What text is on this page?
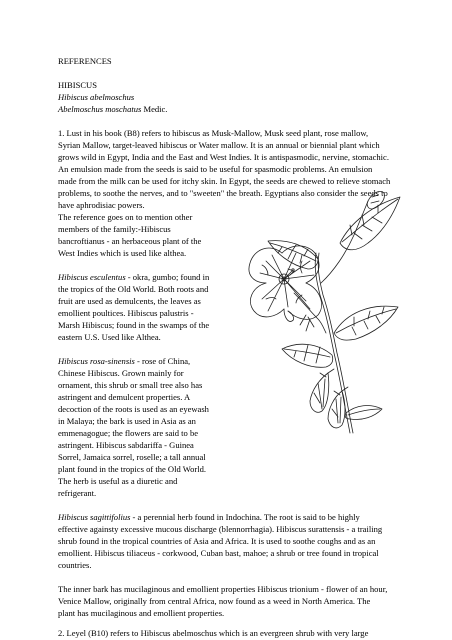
REFERENCES

HIBISCUS

Hibiscus abelmoschus

Abelmoschus moschatus Medic.

1. Lust in his book (B8) refers to hibiscus as Musk-Mallow, Musk seed plant, rose mallow,

Syrian Mallow, target-leaved hibiscus or Water mallow. It is an annual or biennial plant which

grows wild in Egypt, India and the East and West Indies. It is antispasmodic, nervine, stomachic.

An emulsion made from the seeds is said to be useful for spasmodic problems. An emulsion

made from the milk can be used for itchy skin. In Egypt, the seeds are chewed to relieve stomach

problems, to soothe the nerves, and to "sweeten" the breath. Egyptians also consider the seeds to

have aphrodisiac powers.

The reference goes on to mention other

members of the family:-Hibiscus

bancroftianus - an herbaceous plant of the

West Indies which is used like althea.

Hibiscus esculentus - okra, gumbo; found in

the tropics of the Old World. Both roots and

fruit are used as demulcents, the leaves as

emollient poultices. Hibiscus palustris -

Marsh Hibiscus; found in the swamps of the

eastern U.S. Used like Althea.

Hibiscus rosa-sinensis - rose of China,

Chinese Hibiscus. Grown mainly for

ornament, this shrub or small tree also has

astringent and demulcent properties. A

decoction of the roots is used as an eyewash

in Malaya; the bark is used in Asia as an

emmenagogue; the flowers are said to be

astringent. Hibiscus sabdariffa - Guinea

Sorrel, Jamaica sorrel, roselle; a tall annual

plant found in the tropics of the Old World.

The herb is useful as a diuretic and

refrigerant.

Hibiscus sagittifolius - a perennial herb found in Indochina. The root is said to be highly

effective againsty excessive mucous discharge (blennorrhagia). Hibiscus surattensis - a trailing

shrub found in the tropical countries of Asia and Africa. It is used to soothe coughs and as an

emollient. Hibiscus tiliaceus - corkwood, Cuban bast, mahoe; a shrub or tree found in tropical

countries.

The inner bark has mucilaginous and emollient properties Hibiscus trionium - flower of an hour,

Venice Mallow, originally from central Africa, now found as a weed in North America. The

plant has mucilaginous and emollient properties.

2. Leyel (B10) refers to Hibiscus abelmoschus which is an evergreen shrub with very large
